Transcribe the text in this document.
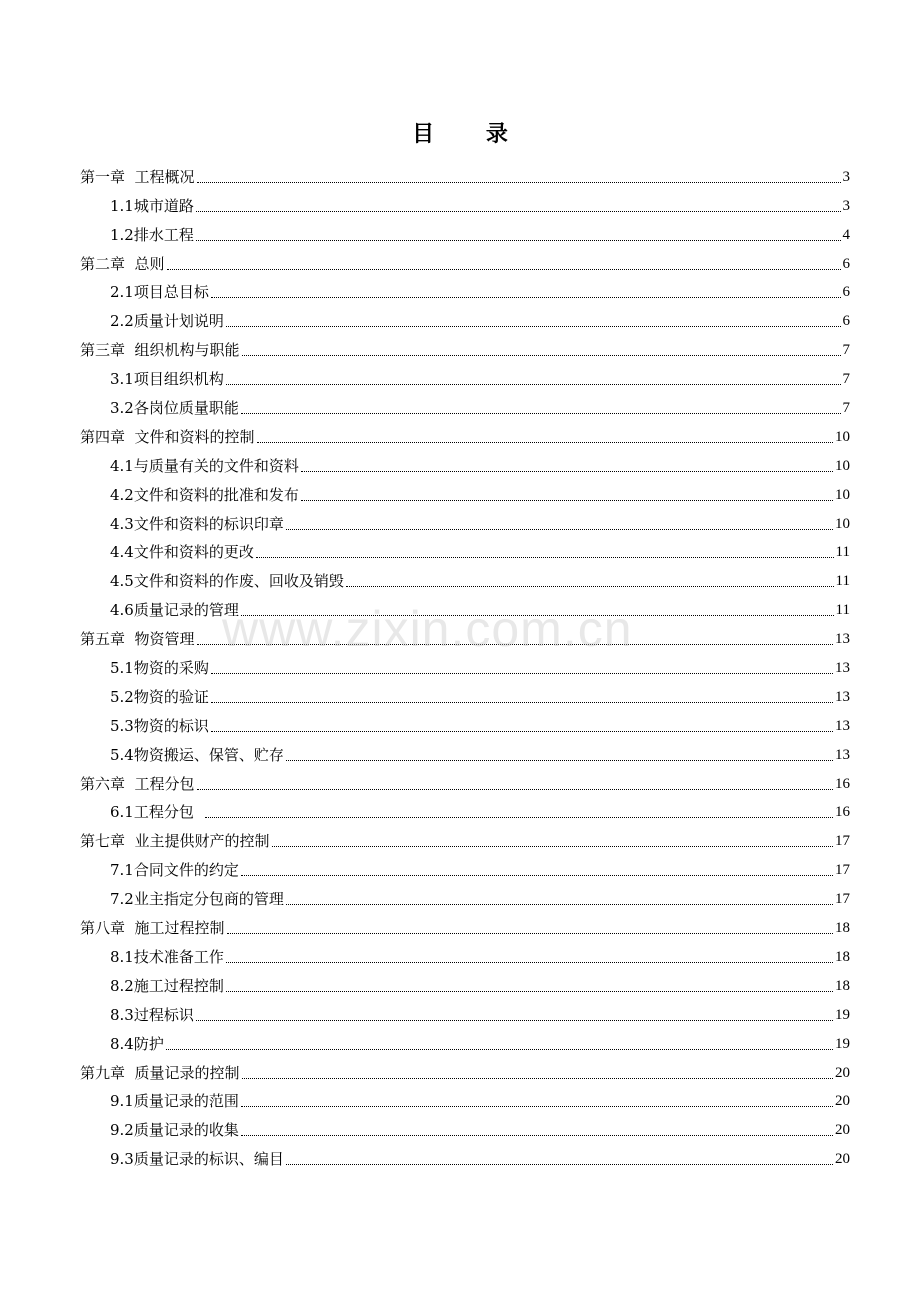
目 录
第一章  工程概况	3
1.1城市道路	3
1.2排水工程	4
第二章  总则	6
2.1项目总目标	6
2.2质量计划说明	6
第三章  组织机构与职能	7
3.1项目组织机构	7
3.2各岗位质量职能	7
第四章  文件和资料的控制	10
4.1与质量有关的文件和资料	10
4.2文件和资料的批准和发布	10
4.3文件和资料的标识印章	10
4.4文件和资料的更改	11
4.5文件和资料的作废、回收及销毁	11
4.6质量记录的管理	11
第五章  物资管理	13
5.1物资的采购	13
5.2物资的验证	13
5.3物资的标识	13
5.4物资搬运、保管、贮存	13
第六章  工程分包	16
6.1工程分包	16
第七章  业主提供财产的控制	17
7.1合同文件的约定	17
7.2业主指定分包商的管理	17
第八章  施工过程控制	18
8.1技术准备工作	18
8.2施工过程控制	18
8.3过程标识	19
8.4防护	19
第九章  质量记录的控制	20
9.1质量记录的范围	20
9.2质量记录的收集	20
9.3质量记录的标识、编目	20
www.zixin.com.cn
